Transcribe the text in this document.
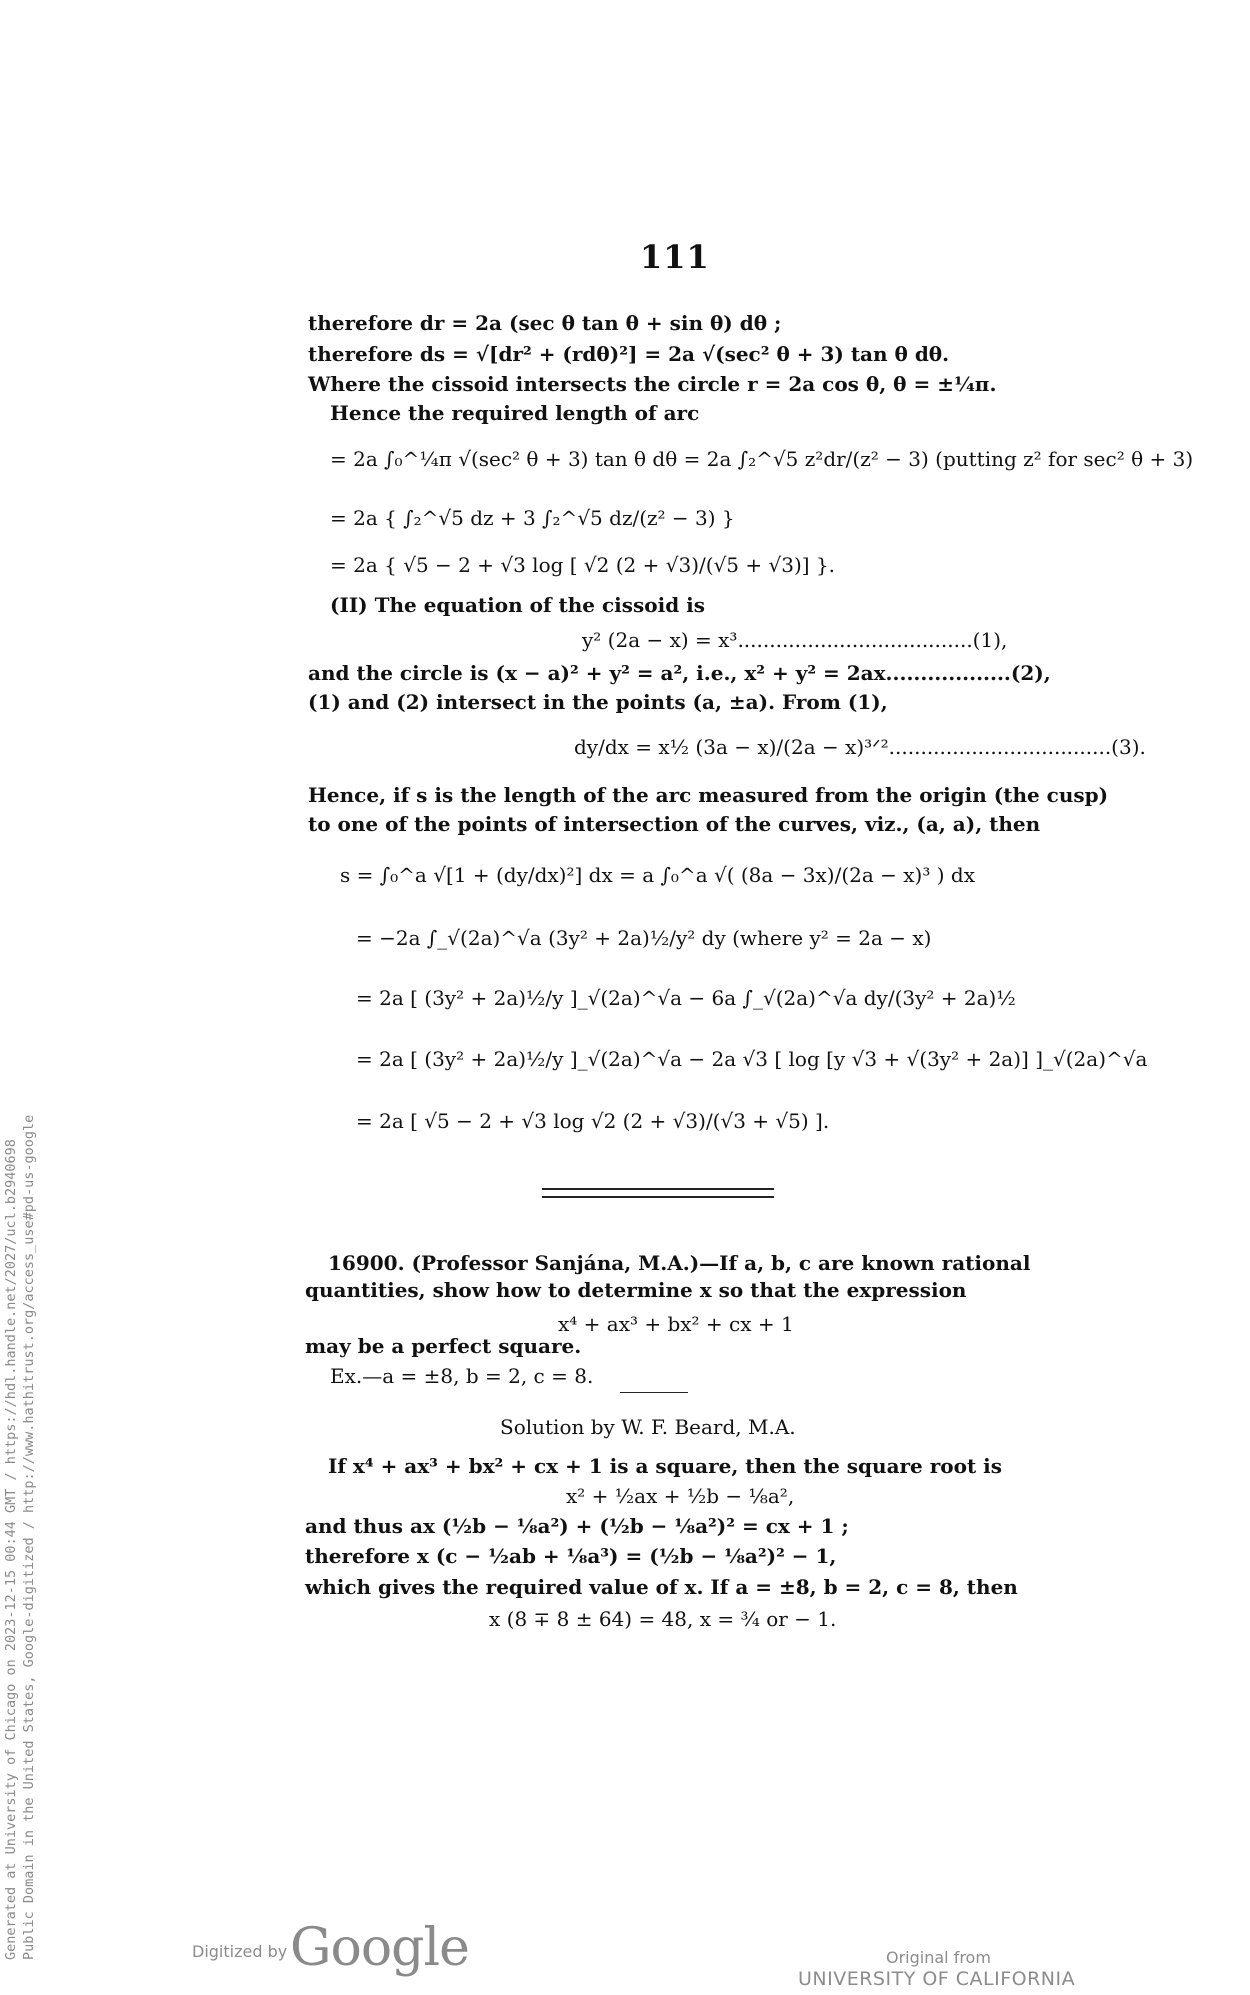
111
therefore dr = 2a (sec θ tan θ + sin θ) dθ ;
therefore ds = √[dr² + (rdθ)²] = 2a √(sec² θ + 3) tan θ dθ.
Where the cissoid intersects the circle r = 2a cos θ, θ = ±¼π.
Hence the required length of arc
= 2a ∫₀^¼π √(sec² θ + 3) tan θ dθ = 2a ∫₂^√5 z²dr/(z² − 3) (putting z² for sec² θ + 3)
= 2a { ∫₂^√5 dz + 3 ∫₂^√5 dz/(z² − 3) }
= 2a { √5 − 2 + √3 log [ √2 (2 + √3)/(√5 + √3)] }.
(II) The equation of the cissoid is
y² (2a − x) = x³.....................................(1),
and the circle is (x − a)² + y² = a², i.e., x² + y² = 2ax..................(2),
(1) and (2) intersect in the points (a, ±a). From (1),
dy/dx = x½ (3a − x)/(2a − x)³ᐟ²...................................(3).
Hence, if s is the length of the arc measured from the origin (the cusp)
to one of the points of intersection of the curves, viz., (a, a), then
s = ∫₀^a √[1 + (dy/dx)²] dx = a ∫₀^a √( (8a − 3x)/(2a − x)³ ) dx
= −2a ∫_√(2a)^√a (3y² + 2a)½/y² dy (where y² = 2a − x)
= 2a [ (3y² + 2a)½/y ]_√(2a)^√a − 6a ∫_√(2a)^√a dy/(3y² + 2a)½
= 2a [ (3y² + 2a)½/y ]_√(2a)^√a − 2a √3 [ log [y √3 + √(3y² + 2a)] ]_√(2a)^√a
= 2a [ √5 − 2 + √3 log √2 (2 + √3)/(√3 + √5) ].
16900. (Professor Sanjána, M.A.)—If a, b, c are known rational
quantities, show how to determine x so that the expression
x⁴ + ax³ + bx² + cx + 1
may be a perfect square.
Ex.—a = ±8, b = 2, c = 8.
Solution by W. F. Beard, M.A.
If x⁴ + ax³ + bx² + cx + 1 is a square, then the square root is
x² + ½ax + ½b − ⅛a²,
and thus ax (½b − ⅛a²) + (½b − ⅛a²)² = cx + 1 ;
therefore x (c − ½ab + ⅛a³) = (½b − ⅛a²)² − 1,
which gives the required value of x. If a = ±8, b = 2, c = 8, then
x (8 ∓ 8 ± 64) = 48, x = ¾ or − 1.
Generated at University of Chicago on 2023-12-15 00:44 GMT / https://hdl.handle.net/2027/ucl.b2940698 Public Domain in the United States, Google-digitized / http://www.hathitrust.org/access_use#pd-us-google	Digitized by Google	Original from
UNIVERSITY OF CALIFORNIA
